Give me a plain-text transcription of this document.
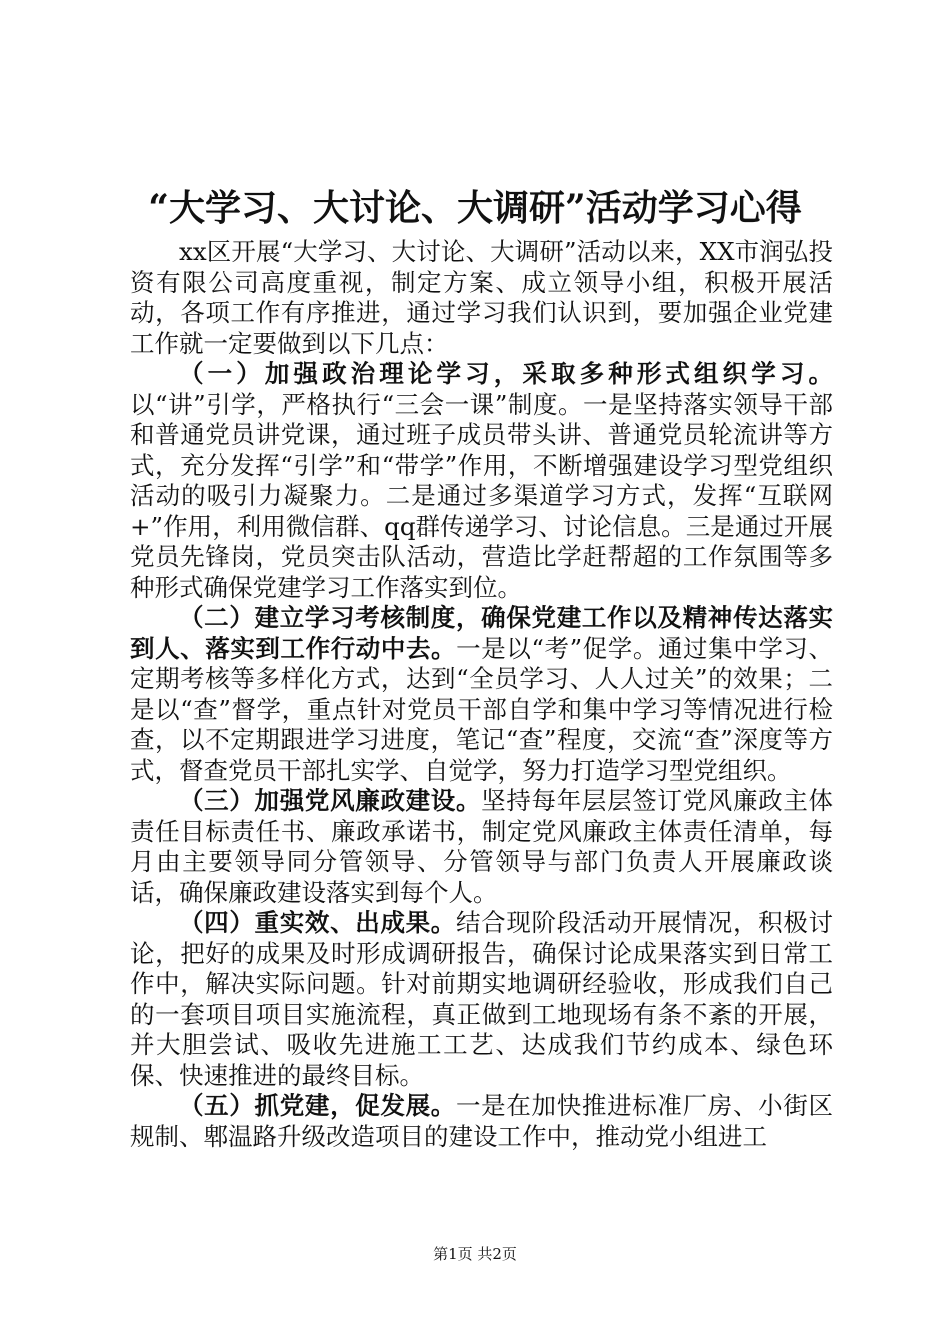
“大学习、大讨论、大调研”活动学习心得

xx区开展“大学习、大讨论、大调研”活动以来，XX市润弘投资有限公司高度重视，制定方案、成立领导小组，积极开展活动，各项工作有序推进，通过学习我们认识到，要加强企业党建工作就一定要做到以下几点：

（一）加强政治理论学习，采取多种形式组织学习。以“讲”引学，严格执行“三会一课”制度。一是坚持落实领导干部和普通党员讲党课，通过班子成员带头讲、普通党员轮流讲等方式，充分发挥“引学”和“带学”作用，不断增强建设学习型党组织活动的吸引力凝聚力。二是通过多渠道学习方式，发挥“互联网+”作用，利用微信群、qq群传递学习、讨论信息。三是通过开展党员先锋岗，党员突击队活动，营造比学赶帮超的工作氛围等多种形式确保党建学习工作落实到位。

（二）建立学习考核制度，确保党建工作以及精神传达落实到人、落实到工作行动中去。一是以“考”促学。通过集中学习、定期考核等多样化方式，达到“全员学习、人人过关”的效果；二是以“查”督学，重点针对党员干部自学和集中学习等情况进行检查，以不定期跟进学习进度，笔记“查”程度，交流“查”深度等方式，督查党员干部扎实学、自觉学，努力打造学习型党组织。

（三）加强党风廉政建设。坚持每年层层签订党风廉政主体责任目标责任书、廉政承诺书，制定党风廉政主体责任清单，每月由主要领导同分管领导、分管领导与部门负责人开展廉政谈话，确保廉政建设落实到每个人。

（四）重实效、出成果。结合现阶段活动开展情况，积极讨论，把好的成果及时形成调研报告，确保讨论成果落实到日常工作中，解决实际问题。针对前期实地调研经验收，形成我们自己的一套项目项目实施流程，真正做到工地现场有条不紊的开展，并大胆尝试、吸收先进施工工艺、达成我们节约成本、绿色环保、快速推进的最终目标。

（五）抓党建，促发展。一是在加快推进标准厂房、小街区规制、郫温路升级改造项目的建设工作中，推动党小组进工

第1页 共2页
